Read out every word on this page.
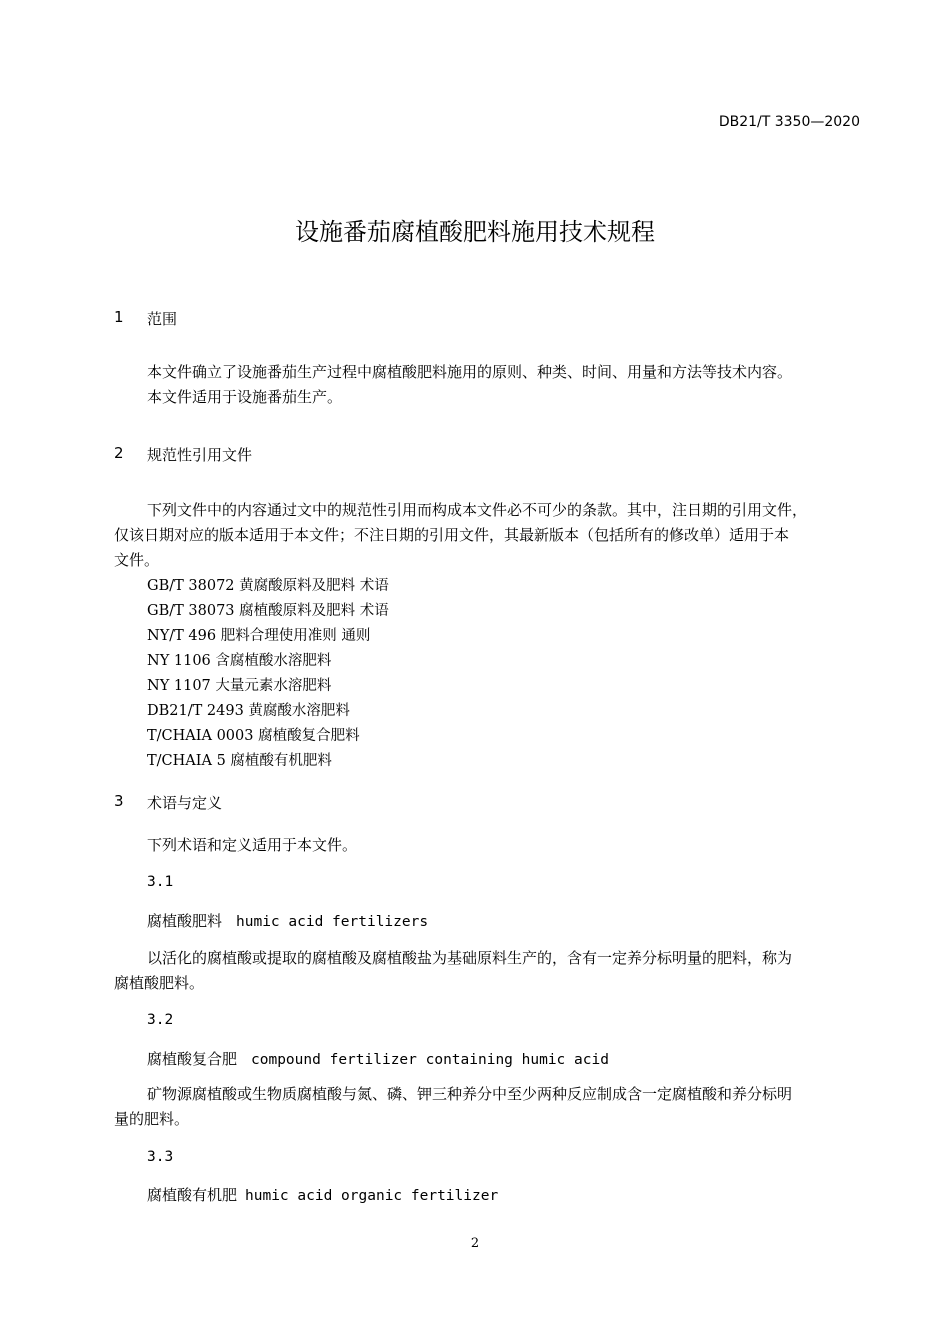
DB21/T 3350—2020
设施番茄腐植酸肥料施用技术规程
1 范围
本文件确立了设施番茄生产过程中腐植酸肥料施用的原则、种类、时间、用量和方法等技术内容。
本文件适用于设施番茄生产。
2 规范性引用文件
下列文件中的内容通过文中的规范性引用而构成本文件必不可少的条款。其中，注日期的引用文件，
仅该日期对应的版本适用于本文件；不注日期的引用文件，其最新版本（包括所有的修改单）适用于本
文件。
GB/T 38072 黄腐酸原料及肥料 术语
GB/T 38073 腐植酸原料及肥料 术语
NY/T 496 肥料合理使用准则 通则
NY 1106 含腐植酸水溶肥料
NY 1107 大量元素水溶肥料
DB21/T 2493 黄腐酸水溶肥料
T/CHAIA 0003 腐植酸复合肥料
T/CHAIA 5 腐植酸有机肥料
3 术语与定义
下列术语和定义适用于本文件。
3.1
腐植酸肥料 humic acid fertilizers
以活化的腐植酸或提取的腐植酸及腐植酸盐为基础原料生产的，含有一定养分标明量的肥料，称为
腐植酸肥料。
3.2
腐植酸复合肥 compound fertilizer containing humic acid
矿物源腐植酸或生物质腐植酸与氮、磷、钾三种养分中至少两种反应制成含一定腐植酸和养分标明
量的肥料。
3.3
腐植酸有机肥 humic acid organic fertilizer
2
